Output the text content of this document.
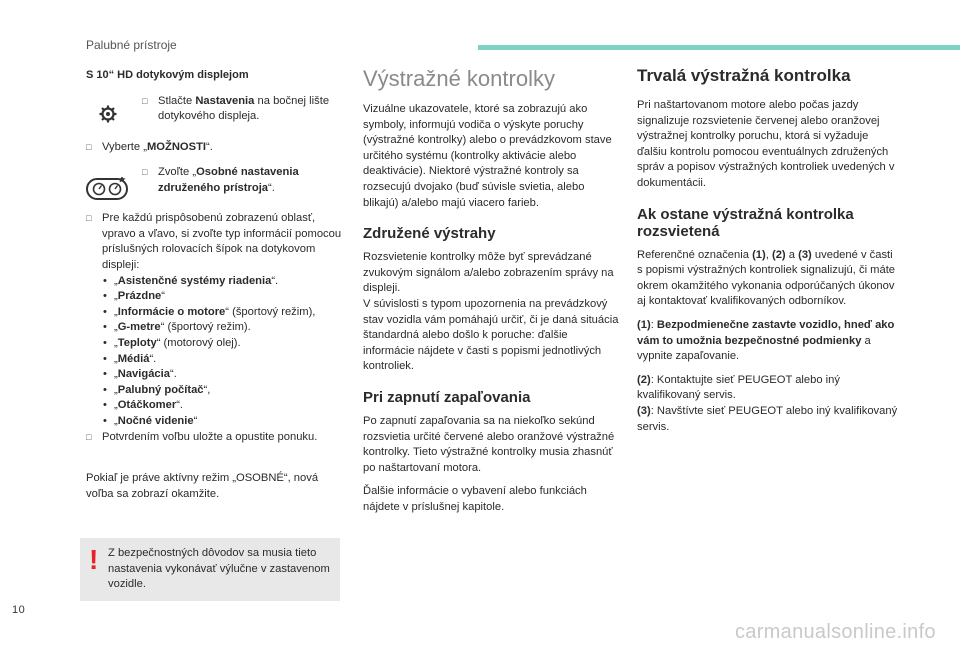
Palubné prístroje
S 10“ HD dotykovým displejom
□ Stlačte Nastavenia na bočnej lište dotykového displeja.
□ Vyberte „MOŽNOSTI“.
□ Zvoľte „Osobné nastavenia združeného prístroja“.
□ Pre každú prispôsobenú zobrazenú oblasť, vpravo a vľavo, si zvoľte typ informácií pomocou príslušných rolovacích šípok na dotykovom displeji:
• „Asistenčné systémy riadenia“.
• „Prázdne“
• „Informácie o motore“ (športový režim),
• „G-metre“ (športový režim).
• „Teploty“ (motorový olej).
• „Médiá“.
• „Navigácia“.
• „Palubný počítač“,
• „Otáčkomer“.
• „Nočné videnie“
□ Potvrdením voľbu uložte a opustite ponuku.

Pokiaľ je práve aktívny režim „OSOBNÉ“, nová voľba sa zobrazí okamžite.

! Z bezpečnostných dôvodov sa musia tieto nastavenia vykonávať výlučne v zastavenom vozidle.
Výstražné kontrolky

Vizuálne ukazovatele, ktoré sa zobrazujú ako symboly, informujú vodiča o výskyte poruchy (výstražné kontrolky) alebo o prevádzkovom stave určitého systému (kontrolky aktivácie alebo deaktivácie). Niektoré výstražné kontroly sa rozsecujú dvojako (buď súvisle svietia, alebo blikajú) a/alebo majú viacero farieb.

Združené výstrahy

Rozsvietenie kontrolky môže byť sprevádzané zvukovým signálom a/alebo zobrazením správy na displeji.

V súvislosti s typom upozornenia na prevádzkový stav vozidla vám pomáhajú určiť, či je daná situácia štandardná alebo došlo k poruche: ďalšie informácie nájdete v časti s popismi jednotlivých kontroliek.

Pri zapnutí zapaľovania

Po zapnutí zapaľovania sa na niekoľko sekúnd rozsvietia určité červené alebo oranžové výstražné kontrolky. Tieto výstražné kontrolky musia zhasnúť po naštartovaní motora.

Ďalšie informácie o vybavení alebo funkciách nájdete v príslušnej kapitole.

Trvalá výstražná kontrolka

Pri naštartovanom motore alebo počas jazdy signalizuje rozsvietenie červenej alebo oranžovej výstražnej kontrolky poruchu, ktorá si vyžaduje ďalšiu kontrolu pomocou eventuálnych združených správ a popisov výstražných kontroliek uvedených v dokumentácii.

Ak ostane výstražná kontrolka rozsvietená

Referenčné označenia (1), (2) a (3) uvedené v časti s popismi výstražných kontroliek signalizujú, či máte okrem okamžitého vykonania odporúčaných úkonov aj kontaktovať kvalifikovaných odborníkov.

(1): Bezpodmienečne zastavte vozidlo, hneď ako vám to umožnia bezpečnostné podmienky a vypnite zapaľovanie.

(2): Kontaktujte sieť PEUGEOT alebo iný kvalifikovaný servis.

(3): Navštívte sieť PEUGEOT alebo iný kvalifikovaný servis.

10
carmanualsonline.info
